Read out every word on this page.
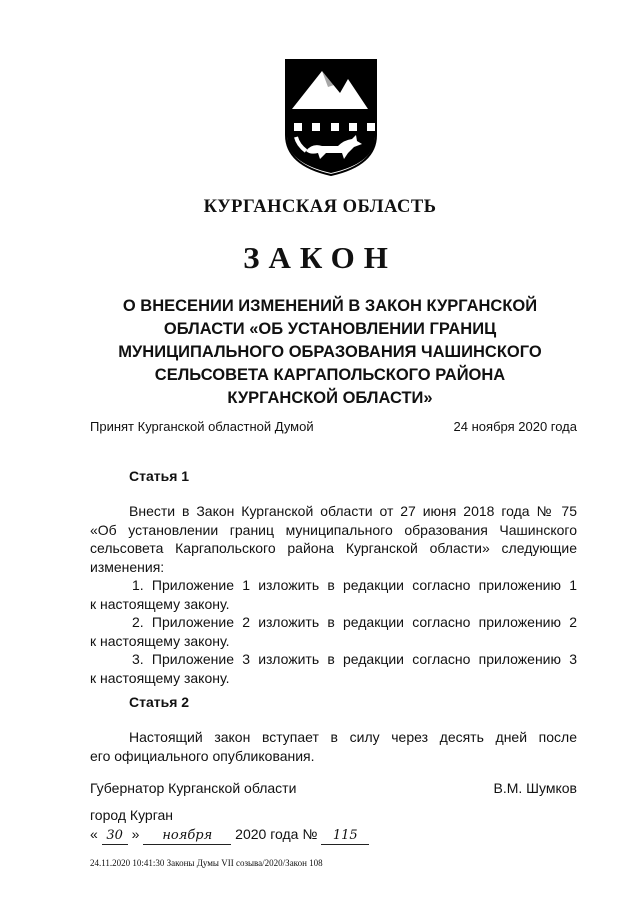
КУРГАНСКАЯ ОБЛАСТЬ
ЗАКОН
О ВНЕСЕНИИ ИЗМЕНЕНИЙ В ЗАКОН КУРГАНСКОЙ
ОБЛАСТИ «ОБ УСТАНОВЛЕНИИ ГРАНИЦ
МУНИЦИПАЛЬНОГО ОБРАЗОВАНИЯ ЧАШИНСКОГО
СЕЛЬСОВЕТА КАРГАПОЛЬСКОГО РАЙОНА
КУРГАНСКОЙ ОБЛАСТИ»
Принят Курганской областной Думой	24 ноября 2020 года
Статья 1
Внести в Закон Курганской области от 27 июня 2018 года № 75
«Об установлении границ муниципального образования Чашинского
сельсовета Каргапольского района Курганской области» следующие
изменения:
1. Приложение 1 изложить в редакции согласно приложению 1
к настоящему закону.
2. Приложение 2 изложить в редакции согласно приложению 2
к настоящему закону.
3. Приложение 3 изложить в редакции согласно приложению 3
к настоящему закону.
Статья 2
Настоящий закон вступает в силу через десять дней после
его официального опубликования.
Губернатор Курганской области	В.М. Шумков
город Курган
« 30 » ноября 2020 года № 115
24.11.2020 10:41:30 Законы Думы VII созыва/2020/Закон 108
